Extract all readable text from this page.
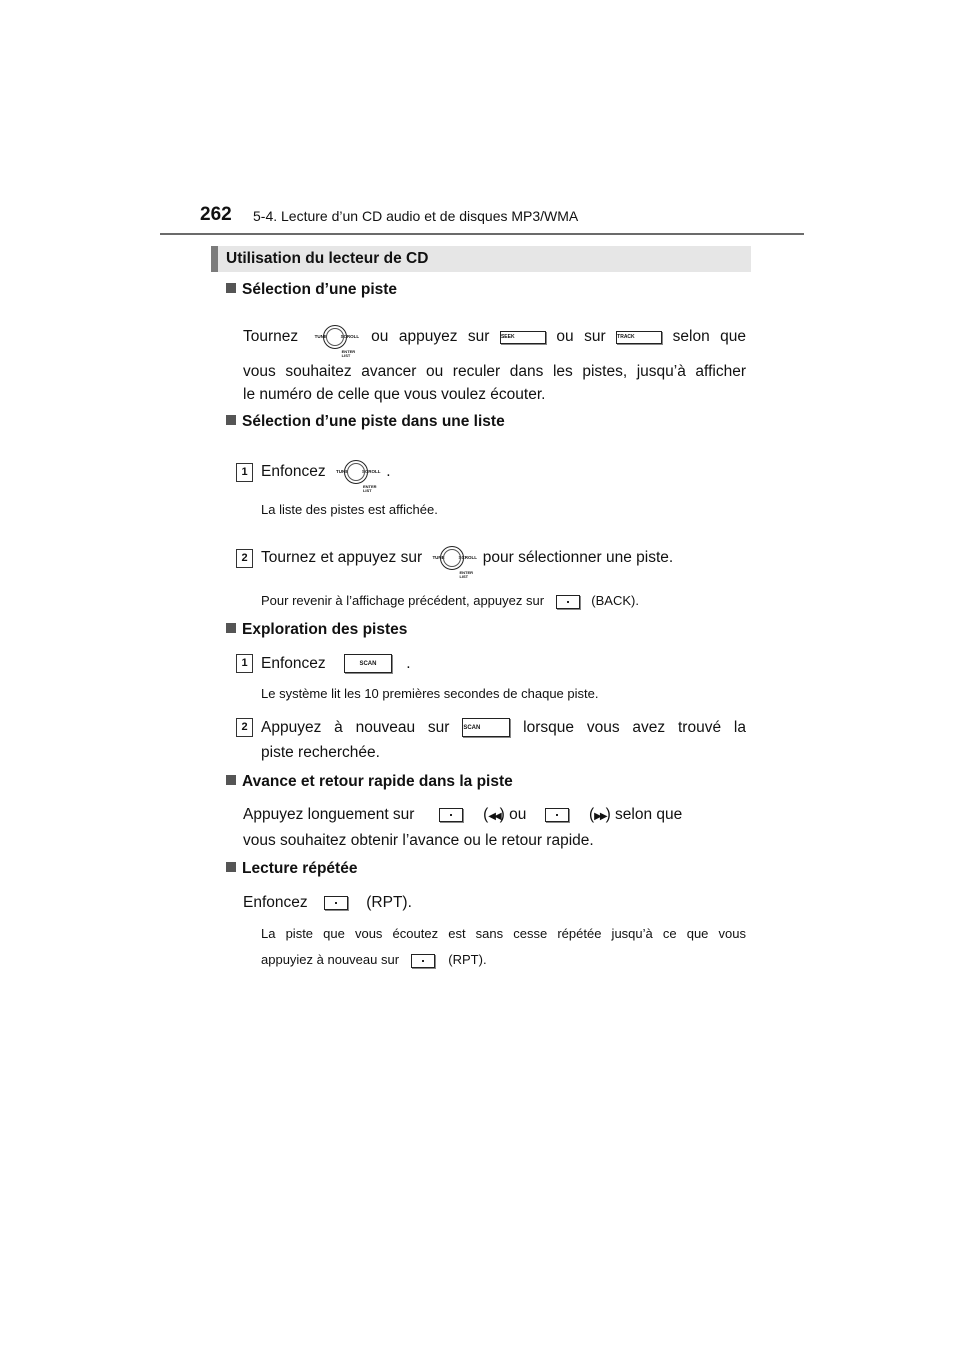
262 5-4. Lecture d’un CD audio et de disques MP3/WMA
Utilisation du lecteur de CD
Sélection d’une piste
Tournez	TUNE	SCROLL
ENTER
LIST
ou appuyez sur SEEK	ou sur TRACK	selon que
vous souhaitez avancer ou reculer dans les pistes, jusqu’à afficher
le numéro de celle que vous voulez écouter.
Sélection d’une piste dans une liste
1 Enfoncez TUNE	SCROLL
ENTER
LIST
.
La liste des pistes est affichée.
2 Tournez et appuyez sur TUNE	SCROLL
ENTER
LIST
pour sélectionner une piste.
Pour revenir à l’affichage précédent, appuyez sur	(BACK).
Exploration des pistes
1 Enfoncez	SCAN	.
Le système lit les 10 premières secondes de chaque piste.
2 Appuyez à nouveau sur SCAN	lorsque vous avez trouvé la
piste recherchée.
Avance et retour rapide dans la piste
Appuyez longuement sur	(◀◀) ou	(▶▶) selon que
vous souhaitez obtenir l’avance ou le retour rapide.
Lecture répétée
Enfoncez	(RPT).
La piste que vous écoutez est sans cesse répétée jusqu’à ce que vous
appuyiez à nouveau sur	(RPT).
